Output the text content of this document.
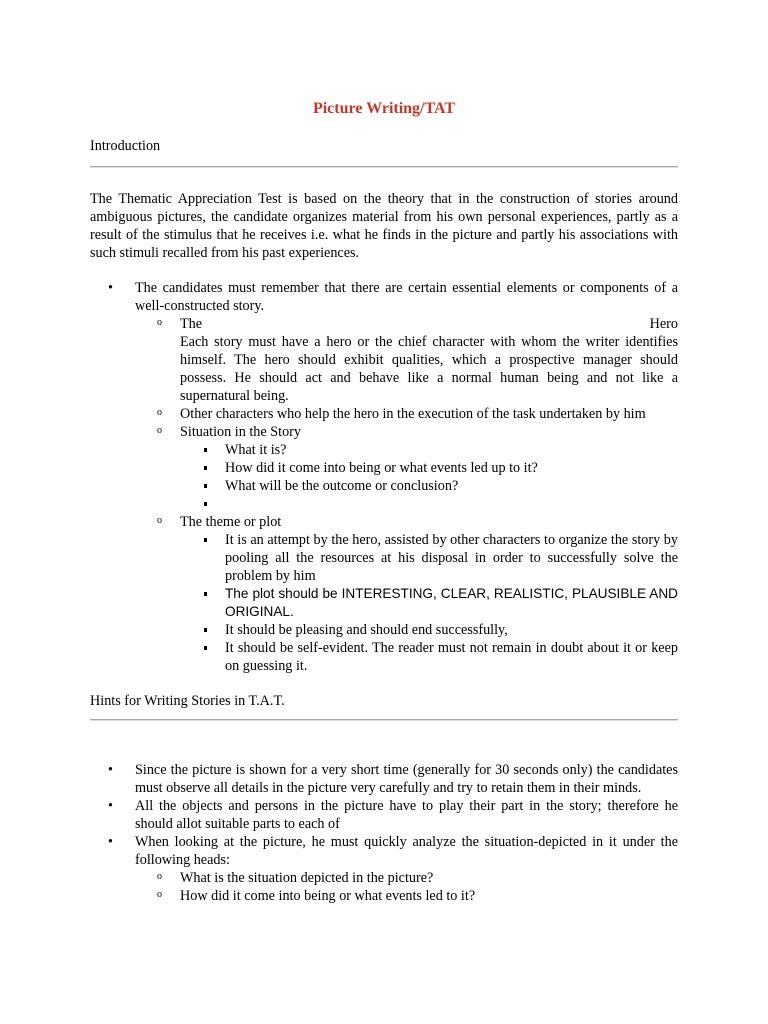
Picture Writing/TAT
Introduction
The Thematic Appreciation Test is based on the theory that in the construction of stories around ambiguous pictures, the candidate organizes material from his own personal experiences, partly as a result of the stimulus that he receives i.e. what he finds in the picture and partly his associations with such stimuli recalled from his past experiences.
• The candidates must remember that there are certain essential elements or components of a well-constructed story.
o The	Hero
Each story must have a hero or the chief character with whom the writer identifies himself. The hero should exhibit qualities, which a prospective manager should possess. He should act and behave like a normal human being and not like a supernatural being.
o Other characters who help the hero in the execution of the task undertaken by him
o Situation in the Story
What it is?
How did it come into being or what events led up to it?
What will be the outcome or conclusion?
o The theme or plot
It is an attempt by the hero, assisted by other characters to organize the story by pooling all the resources at his disposal in order to successfully solve the problem by him
The plot should be INTERESTING, CLEAR, REALISTIC, PLAUSIBLE AND ORIGINAL.
It should be pleasing and should end successfully,
It should be self-evident. The reader must not remain in doubt about it or keep on guessing it.
Hints for Writing Stories in T.A.T.
• Since the picture is shown for a very short time (generally for 30 seconds only) the candidates must observe all details in the picture very carefully and try to retain them in their minds.
• All the objects and persons in the picture have to play their part in the story; therefore he should allot suitable parts to each of
• When looking at the picture, he must quickly analyze the situation-depicted in it under the following heads:
o What is the situation depicted in the picture?
o How did it come into being or what events led to it?
